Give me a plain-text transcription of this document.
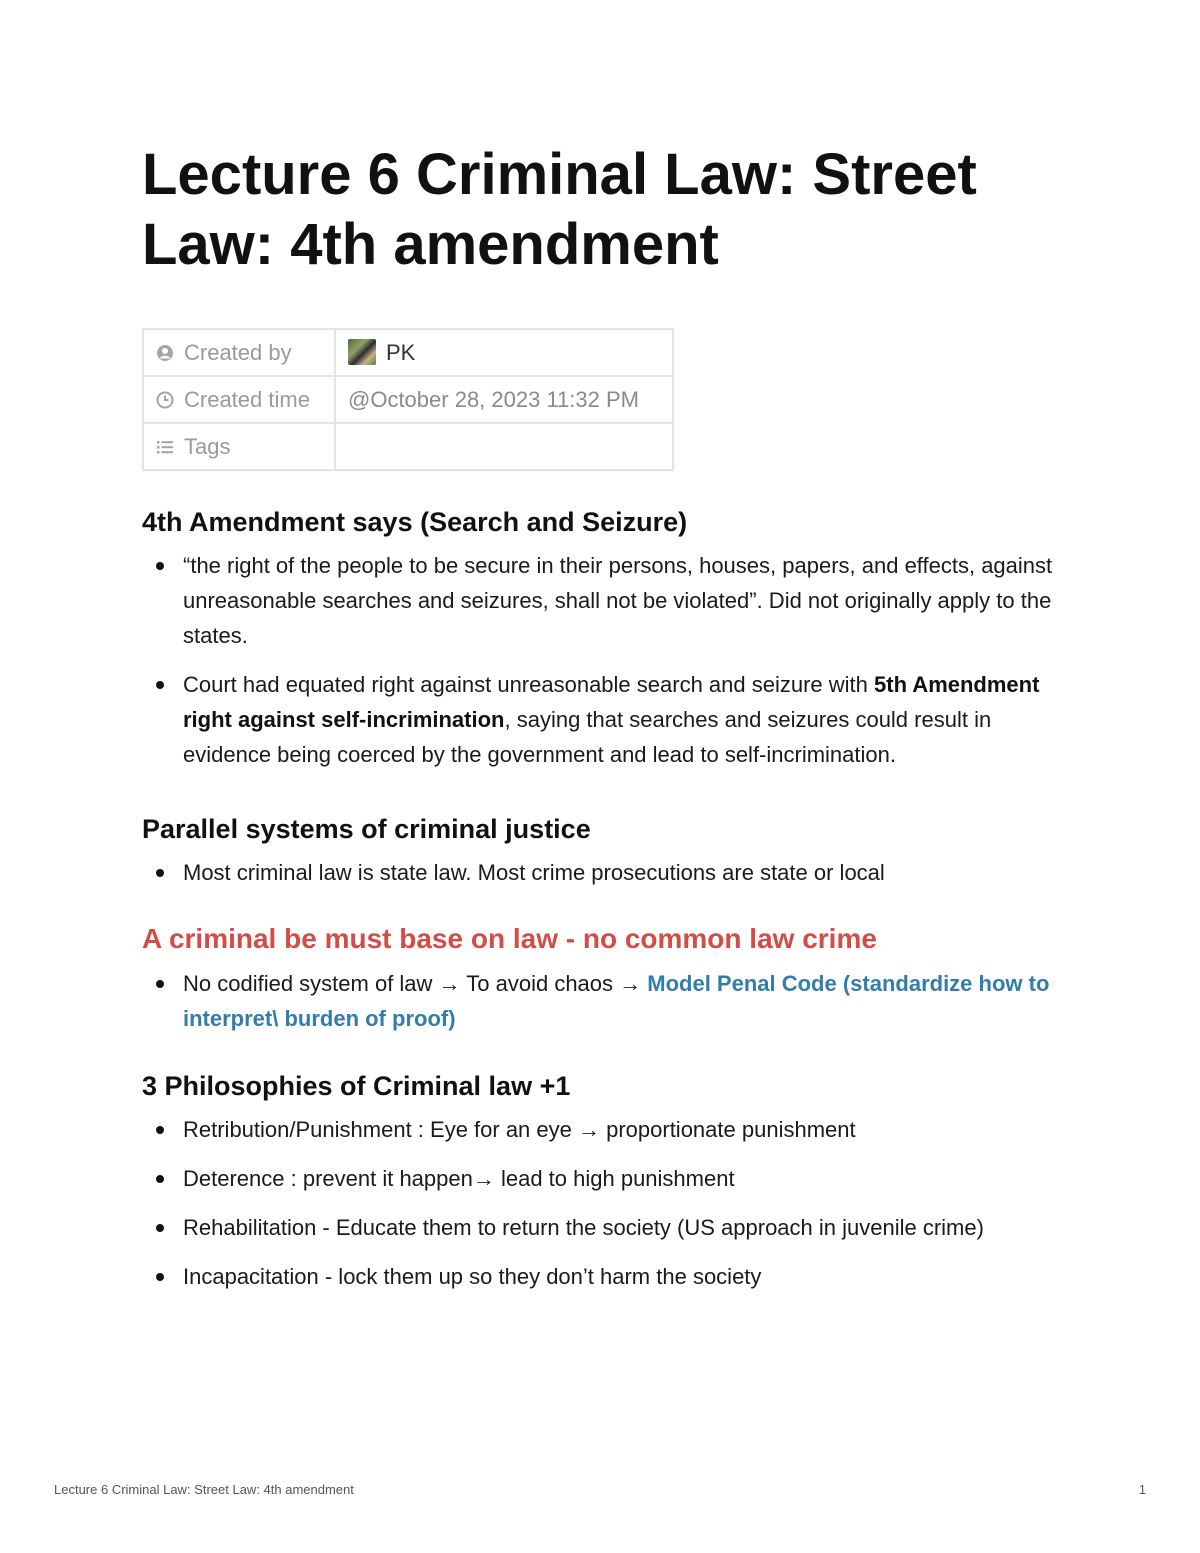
Lecture 6 Criminal Law: Street Law: 4th amendment
Created by	PK
Created time	@October 28, 2023 11:32 PM
Tags	
4th Amendment says (Search and Seizure)
“the right of the people to be secure in their persons, houses, papers, and effects, against unreasonable searches and seizures, shall not be violated”. Did not originally apply to the states.
Court had equated right against unreasonable search and seizure with 5th Amendment right against self-incrimination, saying that searches and seizures could result in evidence being coerced by the government and lead to self-incrimination.
Parallel systems of criminal justice
Most criminal law is state law. Most crime prosecutions are state or local
A criminal be must base on law - no common law crime
No codified system of law → To avoid chaos → Model Penal Code (standardize how to interpret\ burden of proof)
3 Philosophies of Criminal law +1
Retribution/Punishment : Eye for an eye → proportionate punishment
Deterence : prevent it happen→ lead to high punishment
Rehabilitation - Educate them to return the society (US approach in juvenile crime)
Incapacitation - lock them up so they don’t harm the society
Lecture 6 Criminal Law: Street Law: 4th amendment	1
